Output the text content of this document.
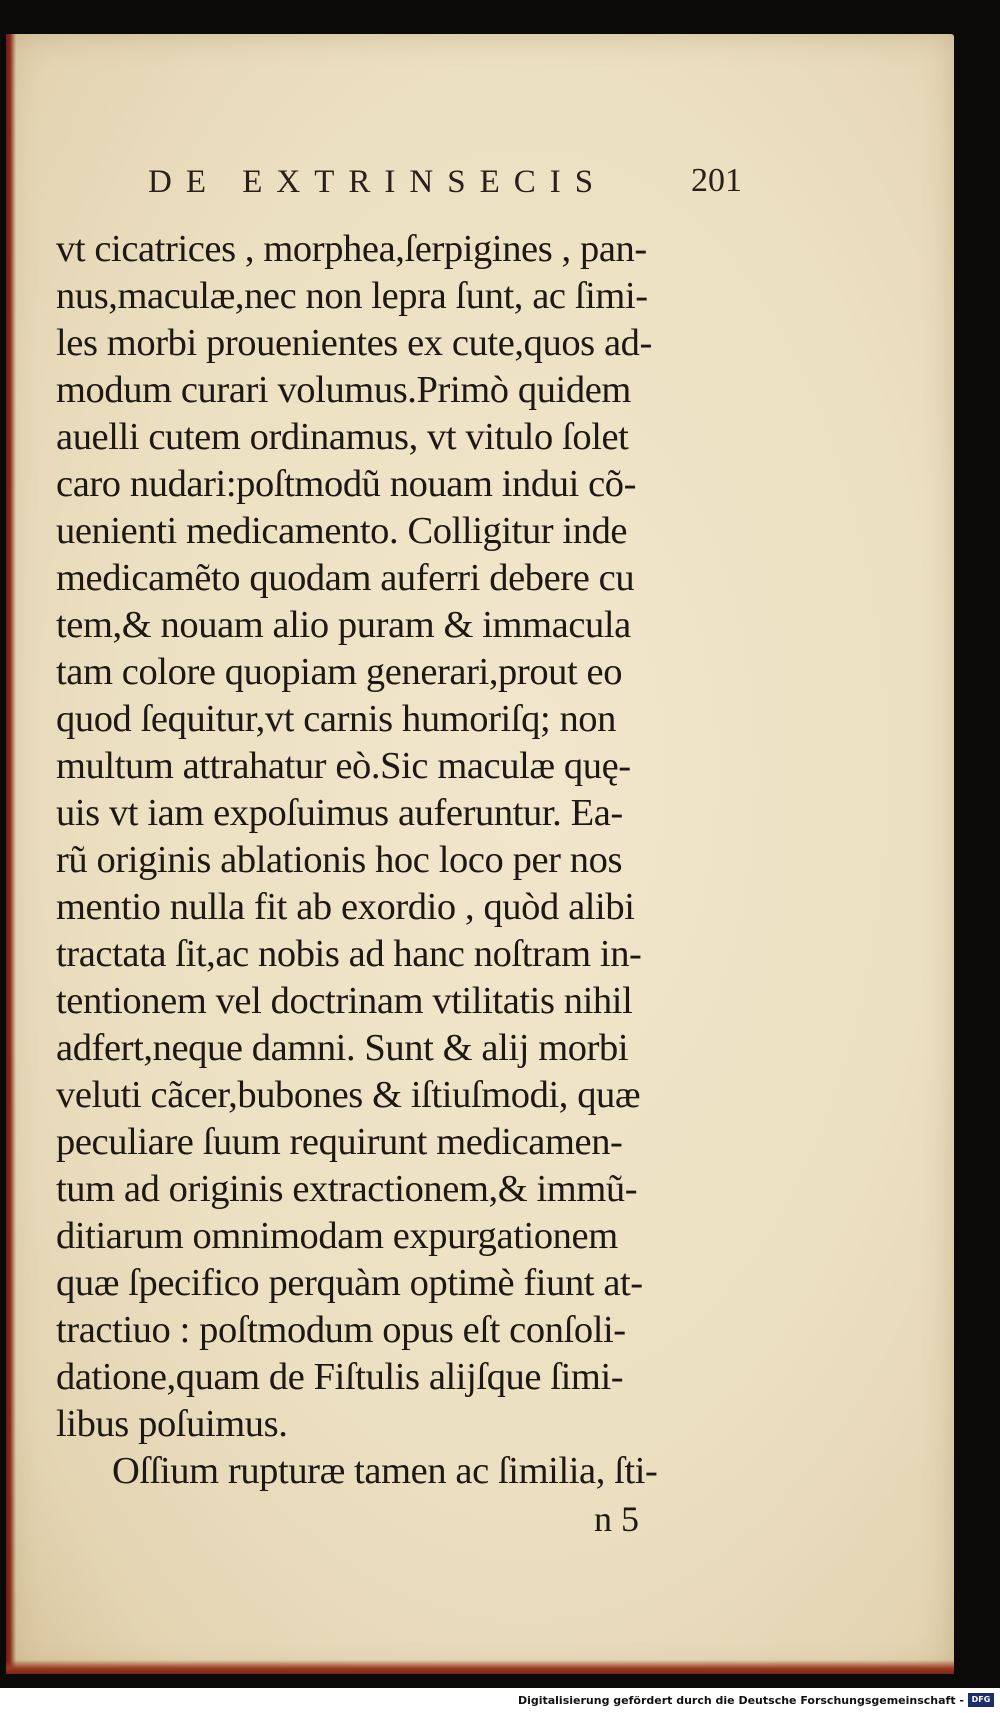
DE EXTRINSECIS 201
vt cicatrices , morphea,ſerpigines , pan-
nus,maculæ,nec non lepra ſunt, ac ſimi-
les morbi prouenientes ex cute,quos ad-
modum curari volumus.Primò quidem
auelli cutem ordinamus, vt vitulo ſolet
caro nudari:poſtmodũ nouam indui cõ-
uenienti medicamento. Colligitur inde
medicamẽto quodam auferri debere cu
tem,& nouam alio puram & immacula
tam colore quopiam generari,prout eo
quod ſequitur,vt carnis humoriſq; non
multum attrahatur eò.Sic maculæ quę-
uis vt iam expoſuimus auferuntur. Ea-
rũ originis ablationis hoc loco per nos
mentio nulla fit ab exordio , quòd alibi
tractata ſit,ac nobis ad hanc noſtram in-
tentionem vel doctrinam vtilitatis nihil
adfert,neque damni. Sunt & alij morbi
veluti cãcer,bubones & iſtiuſmodi, quæ
peculiare ſuum requirunt medicamen-
tum ad originis extractionem,& immũ-
ditiarum omnimodam expurgationem
quæ ſpecifico perquàm optimè fiunt at-
tractiuo : poſtmodum opus eſt conſoli-
datione,quam de Fiſtulis alijſque ſimi-
libus poſuimus.
Oſſium rupturæ tamen ac ſimilia, ſti-
n 5
Digitalisierung gefördert durch die Deutsche Forschungsgemeinschaft - DFG
